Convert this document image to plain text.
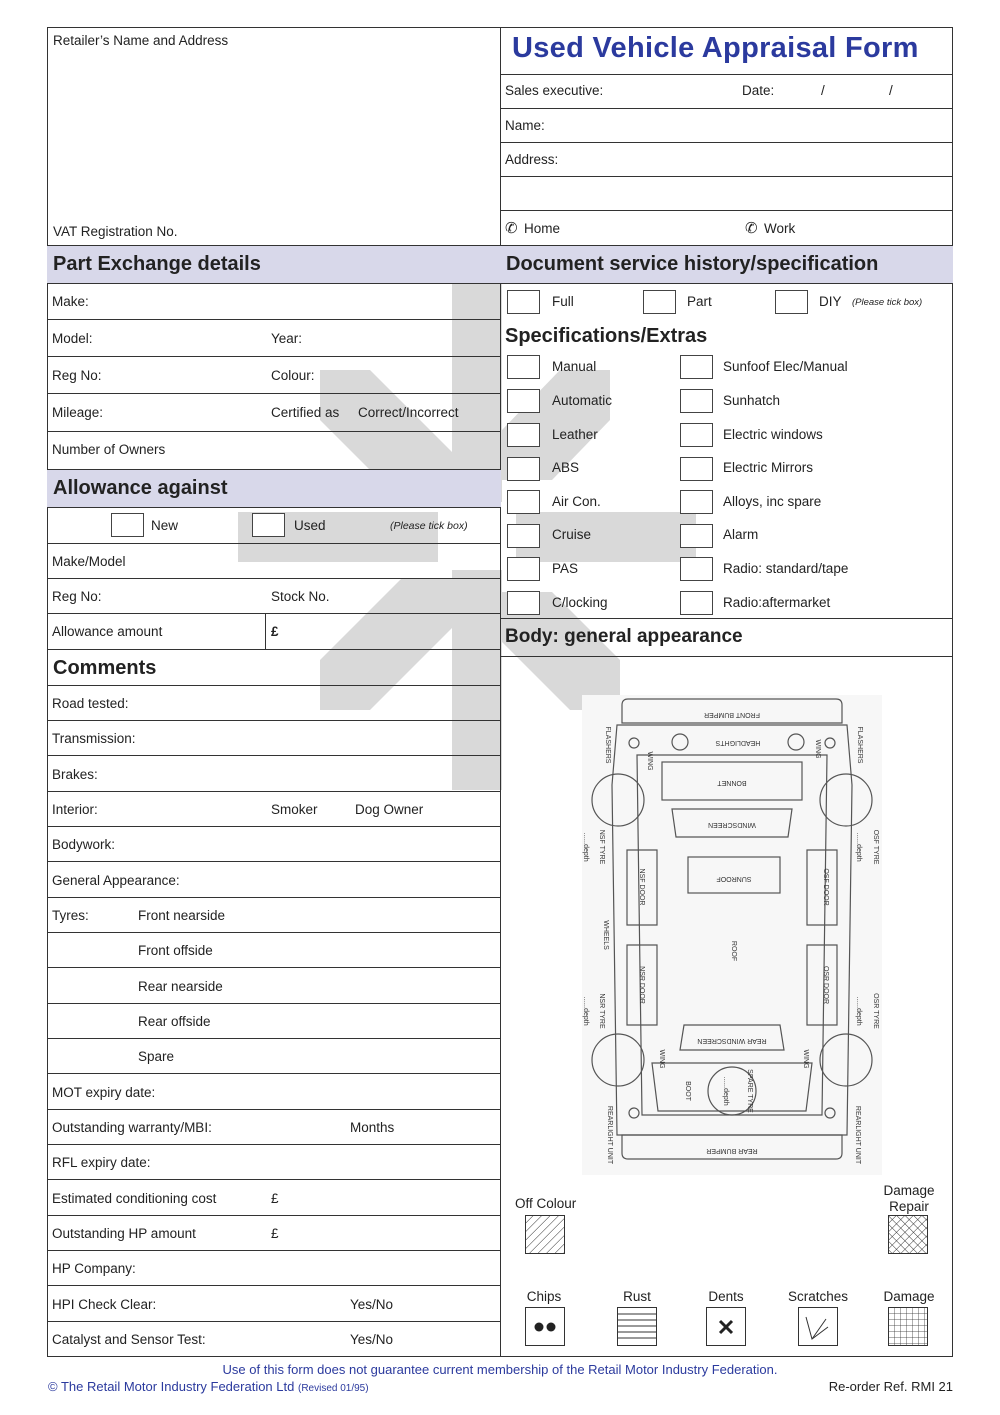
Retailer’s Name and Address
VAT Registration No.
Used Vehicle Appraisal Form
Sales executive:	Date:	/	/
Name:
Address:
✆ Home	✆ Work
Part Exchange details	Document service history/specification
Make:
Model:	Year:
Reg No:	Colour:
Mileage:	Certified as Correct/Incorrect
Number of Owners
Allowance against
New	Used	(Please tick box)
Make/Model
Reg No:	Stock No.
Allowance amount	£
Comments
Road tested:
Transmission:
Brakes:
Interior:	Smoker	Dog Owner
Bodywork:
General Appearance:
Tyres:	Front nearside
Front offside
Rear nearside
Rear offside
Spare
MOT expiry date:
Outstanding warranty/MBI:	Months
RFL expiry date:
Estimated conditioning cost	£
Outstanding HP amount	£
HP Company:
HPI Check Clear:	Yes/No
Catalyst and Sensor Test:	Yes/No
Full	Part	DIY (Please tick box)
Specifications/Extras
Manual	Sunfoof Elec/Manual
Automatic	Sunhatch
Leather	Electric windows
ABS	Electric Mirrors
Air Con.	Alloys, inc spare
Cruise	Alarm
PAS	Radio: standard/tape
C/locking	Radio:aftermarket
Body: general appearance
FRONT BUMPER
HEADLIGHTS
BONNET
WINDSCREEN
SUNROOF
ROOF
NSF DOOR	OSF DOOR
NSR DOOR	OSR DOOR
REAR WINDSCREEN
BOOT	SPARE TYRE
......depth
REAR BUMPER
FLASHERS	FLASHERS
WING
WING
WING	WING
NSF TYRE
......depth	OSF TYRE
......depth
WHEELS
NSR TYRE
......depth	OSR TYRE
......depth
REARLIGHT UNIT	REARLIGHT UNIT
Off Colour
Damage Repair
Chips	Rust	Dents	Scratches	Damage
Use of this form does not guarantee current membership of the Retail Motor Industry Federation.
© The Retail Motor Industry Federation Ltd (Revised 01/95)	Re-order Ref. RMI 21
